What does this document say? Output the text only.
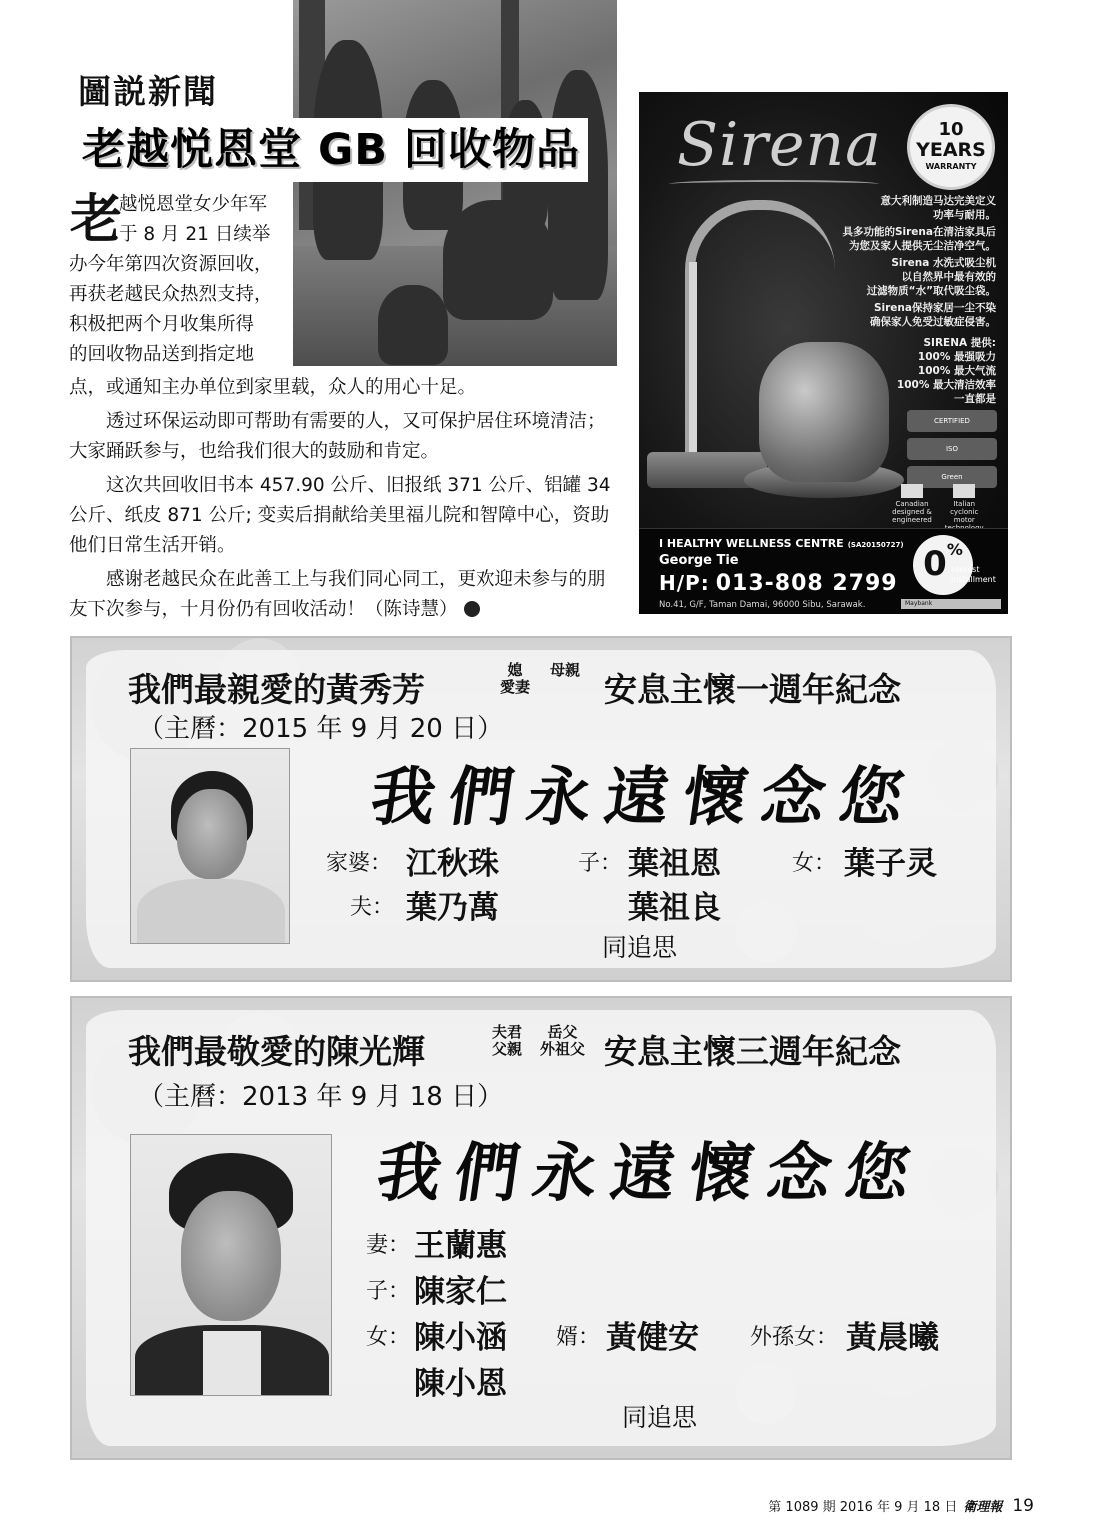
圖説新聞
老越悦恩堂 GB 回收物品
老
越悦恩堂女少年军
于 8 月 21 日续举
办今年第四次资源回收，
再获老越民众热烈支持，
积极把两个月收集所得
的回收物品送到指定地
点，或通知主办单位到家里载，众人的用心十足。
透过环保运动即可帮助有需要的人，又可保护居住环境清洁；大家踊跃参与，也给我们很大的鼓励和肯定。
这次共回收旧书本 457.90 公斤、旧报纸 371 公斤、铝罐 34 公斤、纸皮 871 公斤; 变卖后捐献给美里福儿院和智障中心，资助他们日常生活开销。
感谢老越民众在此善工上与我们同心同工，更欢迎未参与的朋友下次参与，十月份仍有回收活动！（陈诗慧）
Sirena	10
YEARS
WARRANTY

意大利制造马达完美定义
功率与耐用。

具多功能的Sirena在清洁家具后
为您及家人提供无尘洁净空气。

Sirena 水洗式吸尘机
以自然界中最有效的
过滤物质“水”取代吸尘袋。

Sirena保持家居一尘不染
确保家人免受过敏症侵害。

SIRENA 提供:
100% 最强吸力
100% 最大气流
100% 最大清洁效率
一直都是
CERTIFIED
ISO
Green
Canadian designed & engineered
Italian cyclonic motor
I HEALTHY WELLNESS CENTRE (SA20150727)
George Tie
H/P: 013-808 2799
No.41, G/F, Taman Damai, 96000 Sibu, Sarawak.
0%
nterest
installment
Maybank
我們最親愛的黃秀芳	媳
愛妻
母親 安息主懷一週年紀念
（主曆：2015 年 9 月 20 日）
我們永遠懷念您
家婆： 江秋珠
夫： 葉乃萬
子： 葉祖恩
葉祖良
女： 葉子灵
同追思
我們最敬愛的陳光輝	夫君
父親
岳父
外祖父 安息主懷三週年紀念
（主曆：2013 年 9 月 18 日）
我們永遠懷念您
妻： 王蘭惠
子： 陳家仁
女： 陳小涵
陳小恩
婿： 黃健安 外孫女： 黃晨曦
同追思
第 1089 期 2016 年 9 月 18 日 衛理報 19
